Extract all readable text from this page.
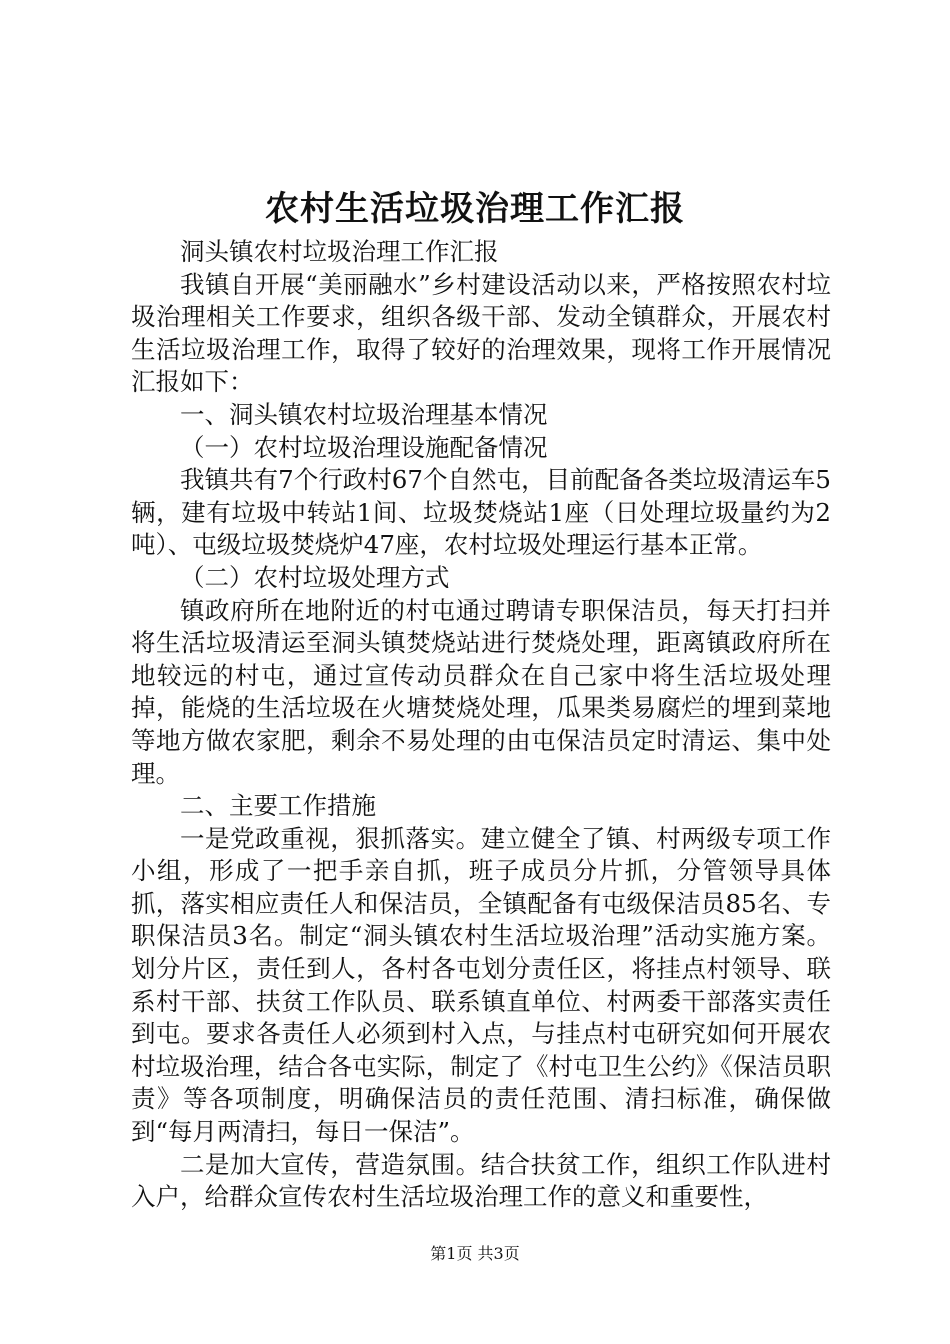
农村生活垃圾治理工作汇报

洞头镇农村垃圾治理工作汇报

我镇自开展“美丽融水”乡村建设活动以来，严格按照农村垃圾治理相关工作要求，组织各级干部、发动全镇群众，开展农村生活垃圾治理工作，取得了较好的治理效果，现将工作开展情况汇报如下：

一、洞头镇农村垃圾治理基本情况

（一）农村垃圾治理设施配备情况

我镇共有7个行政村67个自然屯，目前配备各类垃圾清运车5辆，建有垃圾中转站1间、垃圾焚烧站1座（日处理垃圾量约为2吨）、屯级垃圾焚烧炉47座，农村垃圾处理运行基本正常。

（二）农村垃圾处理方式

镇政府所在地附近的村屯通过聘请专职保洁员，每天打扫并将生活垃圾清运至洞头镇焚烧站进行焚烧处理，距离镇政府所在地较远的村屯，通过宣传动员群众在自己家中将生活垃圾处理掉，能烧的生活垃圾在火塘焚烧处理，瓜果类易腐烂的埋到菜地等地方做农家肥，剩余不易处理的由屯保洁员定时清运、集中处理。

二、主要工作措施

一是党政重视，狠抓落实。建立健全了镇、村两级专项工作小组，形成了一把手亲自抓，班子成员分片抓，分管领导具体抓，落实相应责任人和保洁员，全镇配备有屯级保洁员85名、专职保洁员3名。制定“洞头镇农村生活垃圾治理”活动实施方案。划分片区，责任到人，各村各屯划分责任区，将挂点村领导、联系村干部、扶贫工作队员、联系镇直单位、村两委干部落实责任到屯。要求各责任人必须到村入点，与挂点村屯研究如何开展农村垃圾治理，结合各屯实际，制定了《村屯卫生公约》《保洁员职责》等各项制度，明确保洁员的责任范围、清扫标准，确保做到“每月两清扫，每日一保洁”。

二是加大宣传，营造氛围。结合扶贫工作，组织工作队进村入户，给群众宣传农村生活垃圾治理工作的意义和重要性，

第1页 共3页
